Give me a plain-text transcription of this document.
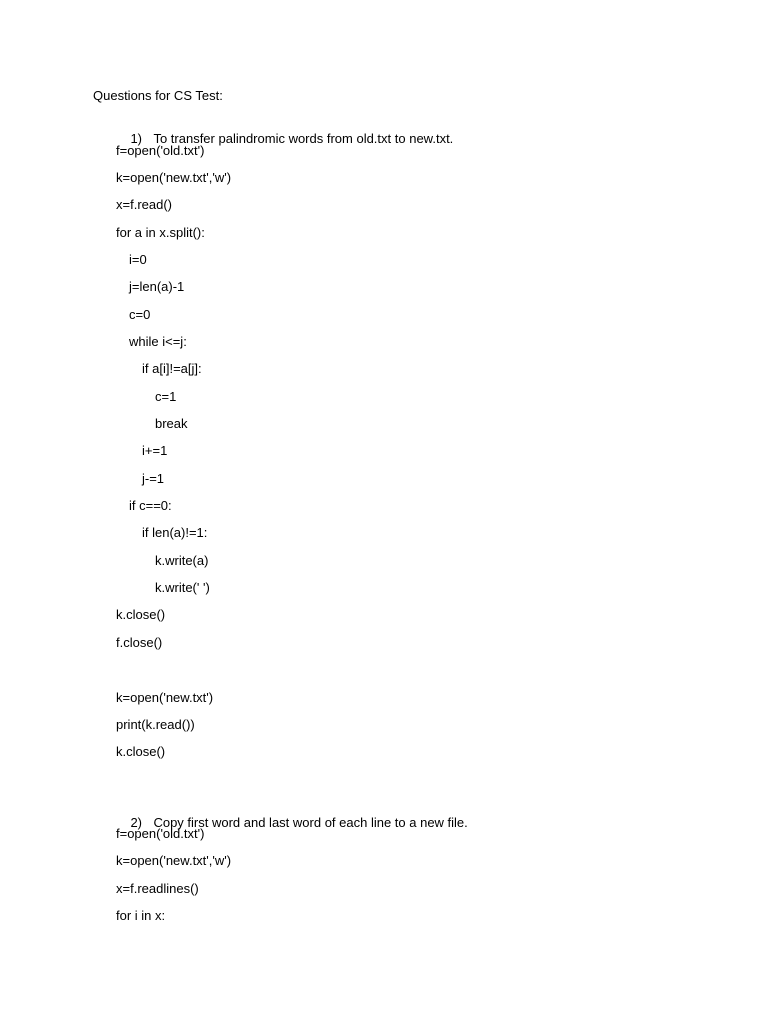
Questions for CS Test:

1) To transfer palindromic words from old.txt to new.txt.

f=open('old.txt')
k=open('new.txt','w')
x=f.read()
for a in x.split():
i=0
j=len(a)-1
c=0
while i<=j:
if a[i]!=a[j]:
c=1
break
i+=1
j-=1
if c==0:
if len(a)!=1:
k.write(a)
k.write(' ')
k.close()
f.close()
k=open('new.txt')
print(k.read())
k.close()

2) Copy first word and last word of each line to a new file.

f=open('old.txt')
k=open('new.txt','w')
x=f.readlines()
for i in x:
